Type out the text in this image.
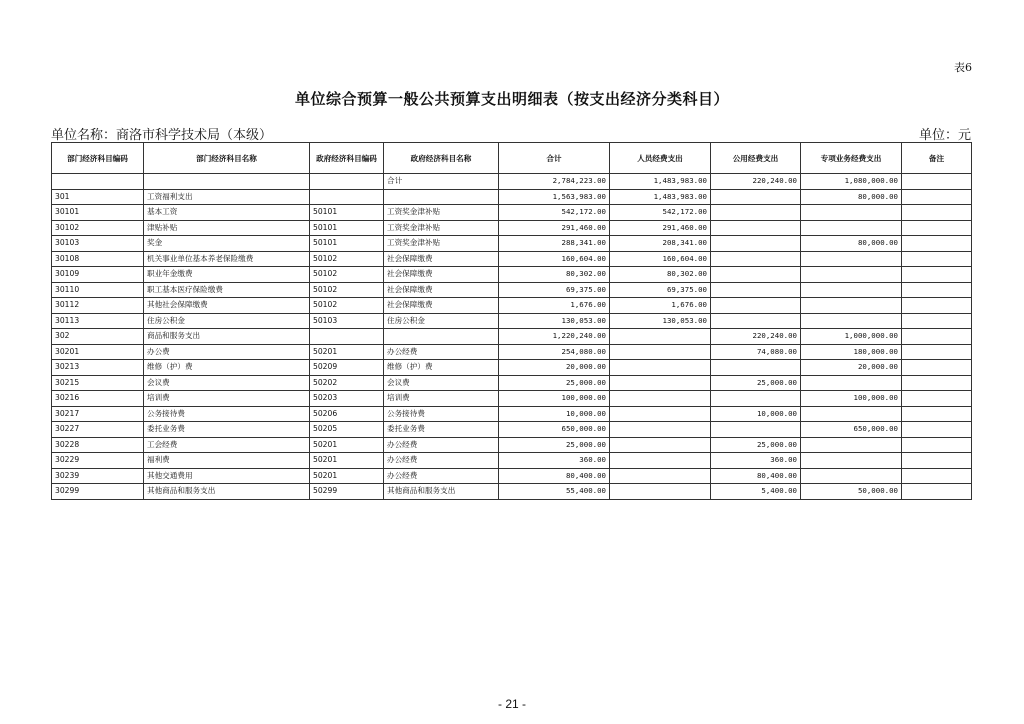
表6
单位综合预算一般公共预算支出明细表（按支出经济分类科目）
单位名称：商洛市科学技术局（本级）	单位：元
部门经济科目编码	部门经济科目名称	政府经济科目编码	政府经济科目名称	合计	人员经费支出	公用经费支出	专项业务经费支出	备注
			合计	2,784,223.00	1,483,983.00	220,240.00	1,080,000.00	
301	工资福利支出			1,563,983.00	1,483,983.00		80,000.00	
30101	基本工资	50101	工资奖金津补贴	542,172.00	542,172.00			
30102	津贴补贴	50101	工资奖金津补贴	291,460.00	291,460.00			
30103	奖金	50101	工资奖金津补贴	288,341.00	208,341.00		80,000.00	
30108	机关事业单位基本养老保险缴费	50102	社会保障缴费	160,604.00	160,604.00			
30109	职业年金缴费	50102	社会保障缴费	80,302.00	80,302.00			
30110	职工基本医疗保险缴费	50102	社会保障缴费	69,375.00	69,375.00			
30112	其他社会保障缴费	50102	社会保障缴费	1,676.00	1,676.00			
30113	住房公积金	50103	住房公积金	130,053.00	130,053.00			
302	商品和服务支出			1,220,240.00		220,240.00	1,000,000.00	
30201	办公费	50201	办公经费	254,080.00		74,080.00	180,000.00	
30213	维修（护）费	50209	维修（护）费	20,000.00			20,000.00	
30215	会议费	50202	会议费	25,000.00		25,000.00		
30216	培训费	50203	培训费	100,000.00			100,000.00	
30217	公务接待费	50206	公务接待费	10,000.00		10,000.00		
30227	委托业务费	50205	委托业务费	650,000.00			650,000.00	
30228	工会经费	50201	办公经费	25,000.00		25,000.00		
30229	福利费	50201	办公经费	360.00		360.00		
30239	其他交通费用	50201	办公经费	80,400.00		80,400.00		
30299	其他商品和服务支出	50299	其他商品和服务支出	55,400.00		5,400.00	50,000.00	
- 21 -
